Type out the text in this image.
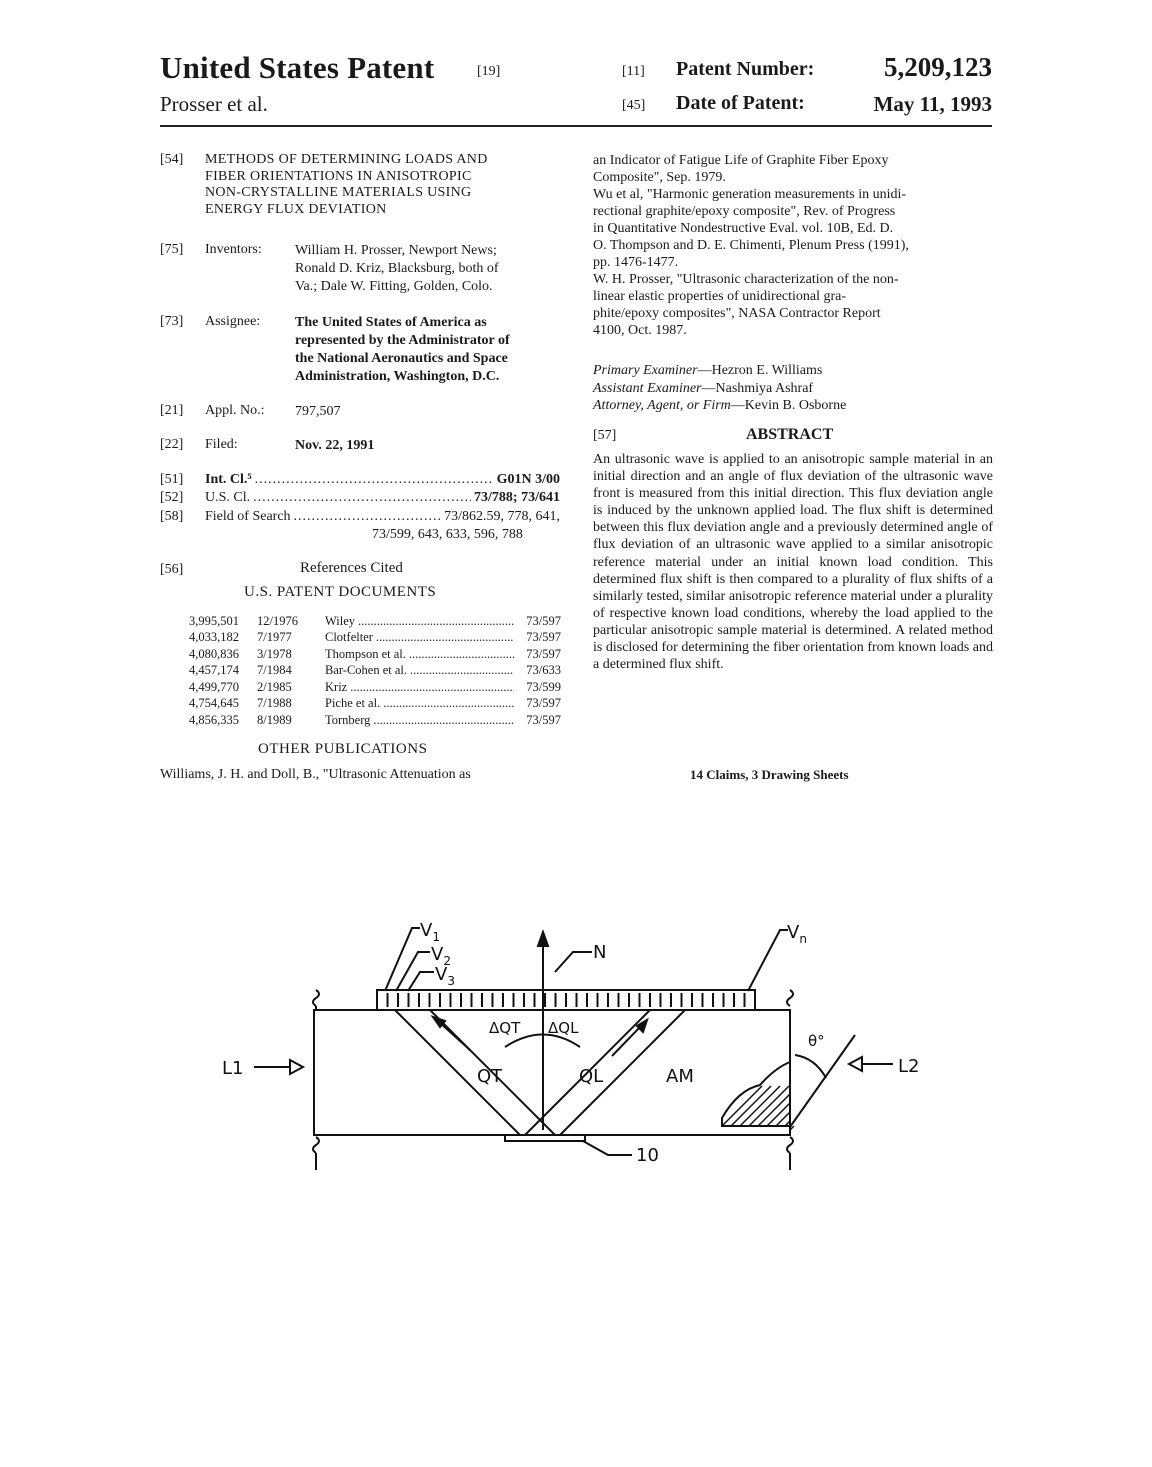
United States Patent	[19]
Prosser et al.
[11] Patent Number:	5,209,123
[45] Date of Patent:	May 11, 1993
[54] METHODS OF DETERMINING LOADS AND
FIBER ORIENTATIONS IN ANISOTROPIC
NON-CRYSTALLINE MATERIALS USING
ENERGY FLUX DEVIATION
[75] Inventors: William H. Prosser, Newport News;
Ronald D. Kriz, Blacksburg, both of
Va.; Dale W. Fitting, Golden, Colo.
[73] Assignee: The United States of America as
represented by the Administrator of
the National Aeronautics and Space
Administration, Washington, D.C.
[21] Appl. No.: 797,507
[22] Filed:	Nov. 22, 1991
[51]	Int. Cl.⁵ .....	G01N 3/00
[52]	U.S. Cl. .....	73/788; 73/641
[58]	Field of Search .....	73/862.59, 778, 641,
73/599, 643, 633, 596, 788
[56]	References Cited
U.S. PATENT DOCUMENTS
3,995,501	12/1976	Wiley .....	73/597
4,033,182	7/1977	Clotfelter .....	73/597
4,080,836	3/1978	Thompson et al. .....	73/597
4,457,174	7/1984	Bar-Cohen et al. .....	73/633
4,499,770	2/1985	Kriz .....	73/599
4,754,645	7/1988	Piche et al. .....	73/597
4,856,335	8/1989	Tornberg .....	73/597
OTHER PUBLICATIONS
Williams, J. H. and Doll, B., "Ultrasonic Attenuation as
an Indicator of Fatigue Life of Graphite Fiber Epoxy
Composite", Sep. 1979.
Wu et al, "Harmonic generation measurements in unidi-
rectional graphite/epoxy composite", Rev. of Progress
in Quantitative Nondestructive Eval. vol. 10B, Ed. D.
O. Thompson and D. E. Chimenti, Plenum Press (1991),
pp. 1476-1477.
W. H. Prosser, "Ultrasonic characterization of the non-
linear elastic properties of unidirectional gra-
phite/epoxy composites", NASA Contractor Report
4100, Oct. 1987.
Primary Examiner—Hezron E. Williams
Assistant Examiner—Nashmiya Ashraf
Attorney, Agent, or Firm—Kevin B. Osborne
[57]	ABSTRACT
An ultrasonic wave is applied to an anisotropic sample material in an initial direction and an angle of flux deviation of the ultrasonic wave front is measured from this initial direction. This flux deviation angle is induced by the unknown applied load. The flux shift is determined between this flux deviation angle and a previously determined angle of flux deviation of an ultrasonic wave applied to a similar anisotropic reference material under an initial known load condition. This determined flux shift is then compared to a plurality of flux shifts of a similarly tested, similar anisotropic reference material under a plurality of respective known load conditions, whereby the load applied to the particular anisotropic sample material is determined. A related method is disclosed for determining the fiber orientation from known loads and a determined flux shift.
14 Claims, 3 Drawing Sheets
$V_1$
$V_2$
$V_3$
$V_n$
N
ΔQT ΔQL
QT	QL	AM
θ°
L1	L2
10
